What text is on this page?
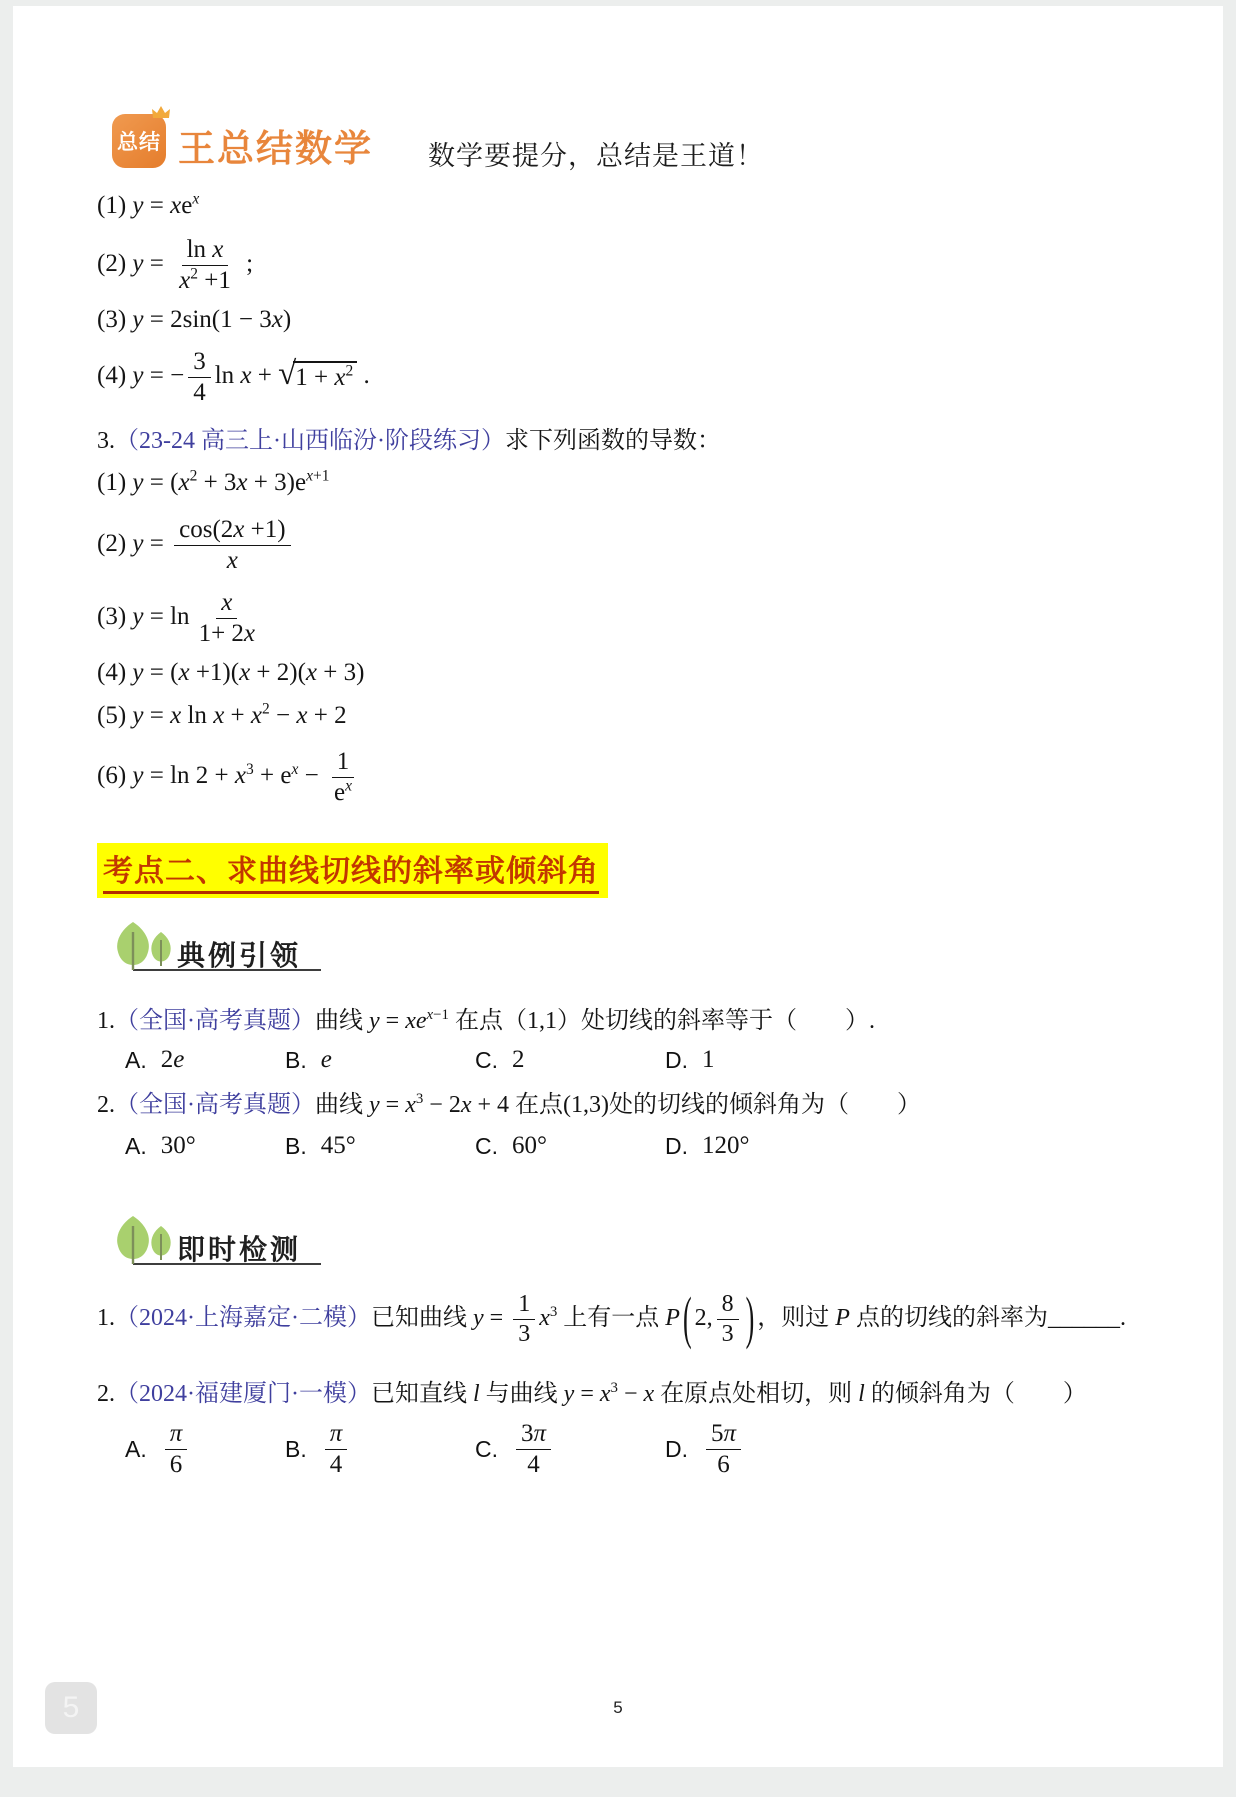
总结 王总结数学 数学要提分，总结是王道！
(1) $y = xe^x$
(2) $y = \frac{\text{ln x}}{x^2 +1}$ ;
(3) y = 2sin(1 − 3x)
(4) y = − $\frac{3}{4}$ ln x + √ $1 + x^2$ .
3.（23-24 高三上·山西临汾·阶段练习）求下列函数的导数：
(1) $y = (x^2 + 3x + 3)e^{x+1}$
(2) $y = \frac{\cos(2x +1)}{x}$
(3) $y = \ln \frac{x}{1+ 2x}$
(4) y = (x +1)(x + 2)(x + 3)
(5) y = x $\ln x + x^2 - x + 2$
(6) $y = \ln 2 + x^3 + e^x - \frac{1}{e^x}$
考点二、求曲线切线的斜率或倾斜角
典例引领
1.（全国·高考真题）曲线 $y = xe^{x-1}$ 在点（1,1）处切线的斜率等于（　　）.
A. 2e	B. e	C. 2	D. 1
2.（全国·高考真题）曲线 $y = x^3 - 2x + 4$ 在点(1,3)处的切线的倾斜角为（　　）
A. 30°	B. 45°	C. 60°	D. 120°
即时检测
1.（2024·上海嘉定·二模）已知曲线 $y = \frac{1}{3} x^3$ 上有一点 P ( 2, $\frac{8}{3}$ ) ，则过 P 点的切线的斜率为______.
2.（2024·福建厦门·一模）已知直线 l 与曲线 $y = x^3 - x$ 在原点处相切，则 l 的倾斜角为（　　）
A. $\frac{\pi}{6}$	B. $\frac{\pi}{4}$	C. $\frac{3\pi}{4}$	D. $\frac{5\pi}{6}$
5	5
